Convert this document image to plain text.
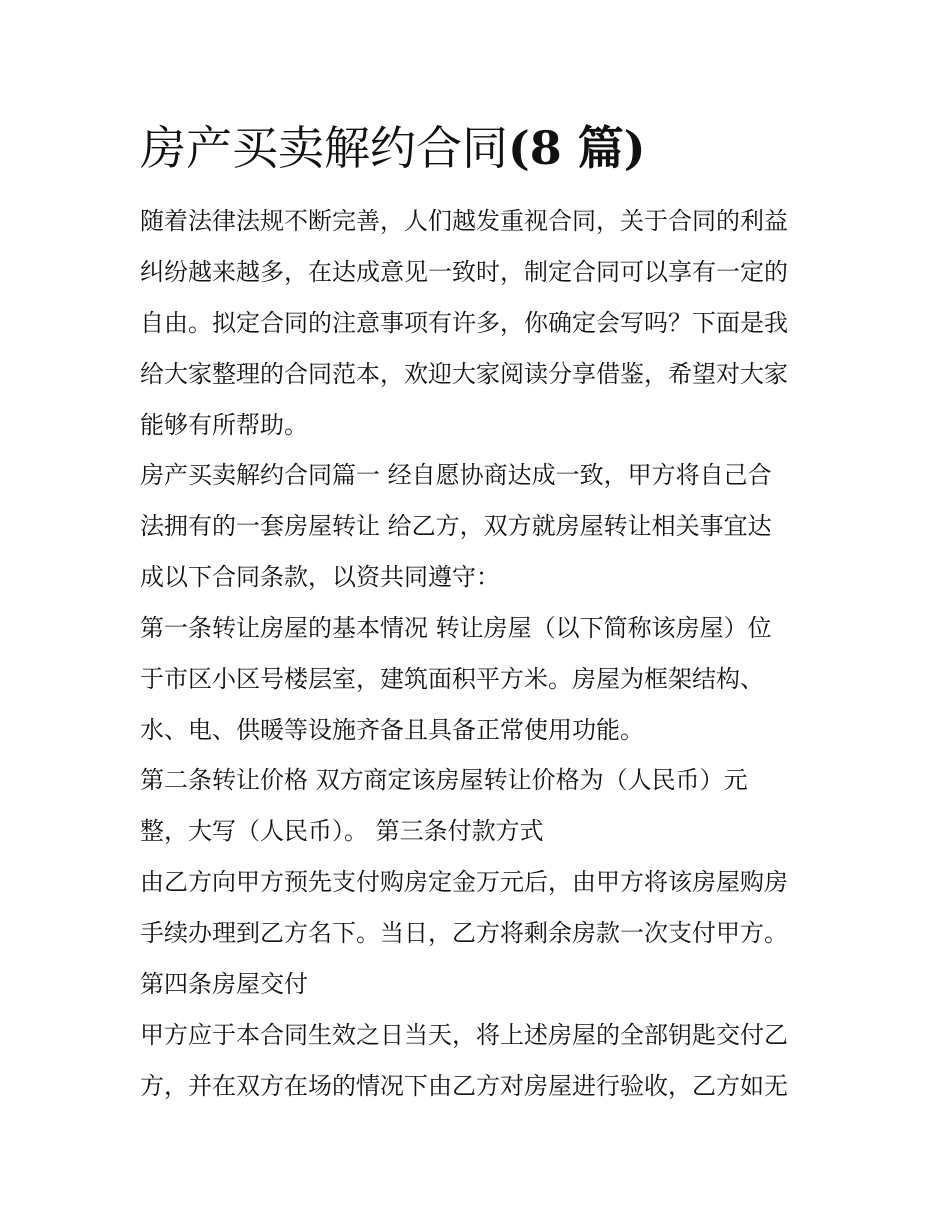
房产买卖解约合同(8 篇)

随着法律法规不断完善，人们越发重视合同，关于合同的利益

纠纷越来越多，在达成意见一致时，制定合同可以享有一定的

自由。拟定合同的注意事项有许多，你确定会写吗？下面是我

给大家整理的合同范本，欢迎大家阅读分享借鉴，希望对大家

能够有所帮助。

房产买卖解约合同篇一 经自愿协商达成一致，甲方将自己合

法拥有的一套房屋转让 给乙方，双方就房屋转让相关事宜达

成以下合同条款，以资共同遵守：

第一条转让房屋的基本情况 转让房屋（以下简称该房屋）位

于市区小区号楼层室，建筑面积平方米。房屋为框架结构、

水、电、供暖等设施齐备且具备正常使用功能。

第二条转让价格 双方商定该房屋转让价格为（人民币）元

整，大写（人民币）。 第三条付款方式

由乙方向甲方预先支付购房定金万元后，由甲方将该房屋购房

手续办理到乙方名下。当日，乙方将剩余房款一次支付甲方。

第四条房屋交付

甲方应于本合同生效之日当天，将上述房屋的全部钥匙交付乙

方，并在双方在场的情况下由乙方对房屋进行验收，乙方如无
